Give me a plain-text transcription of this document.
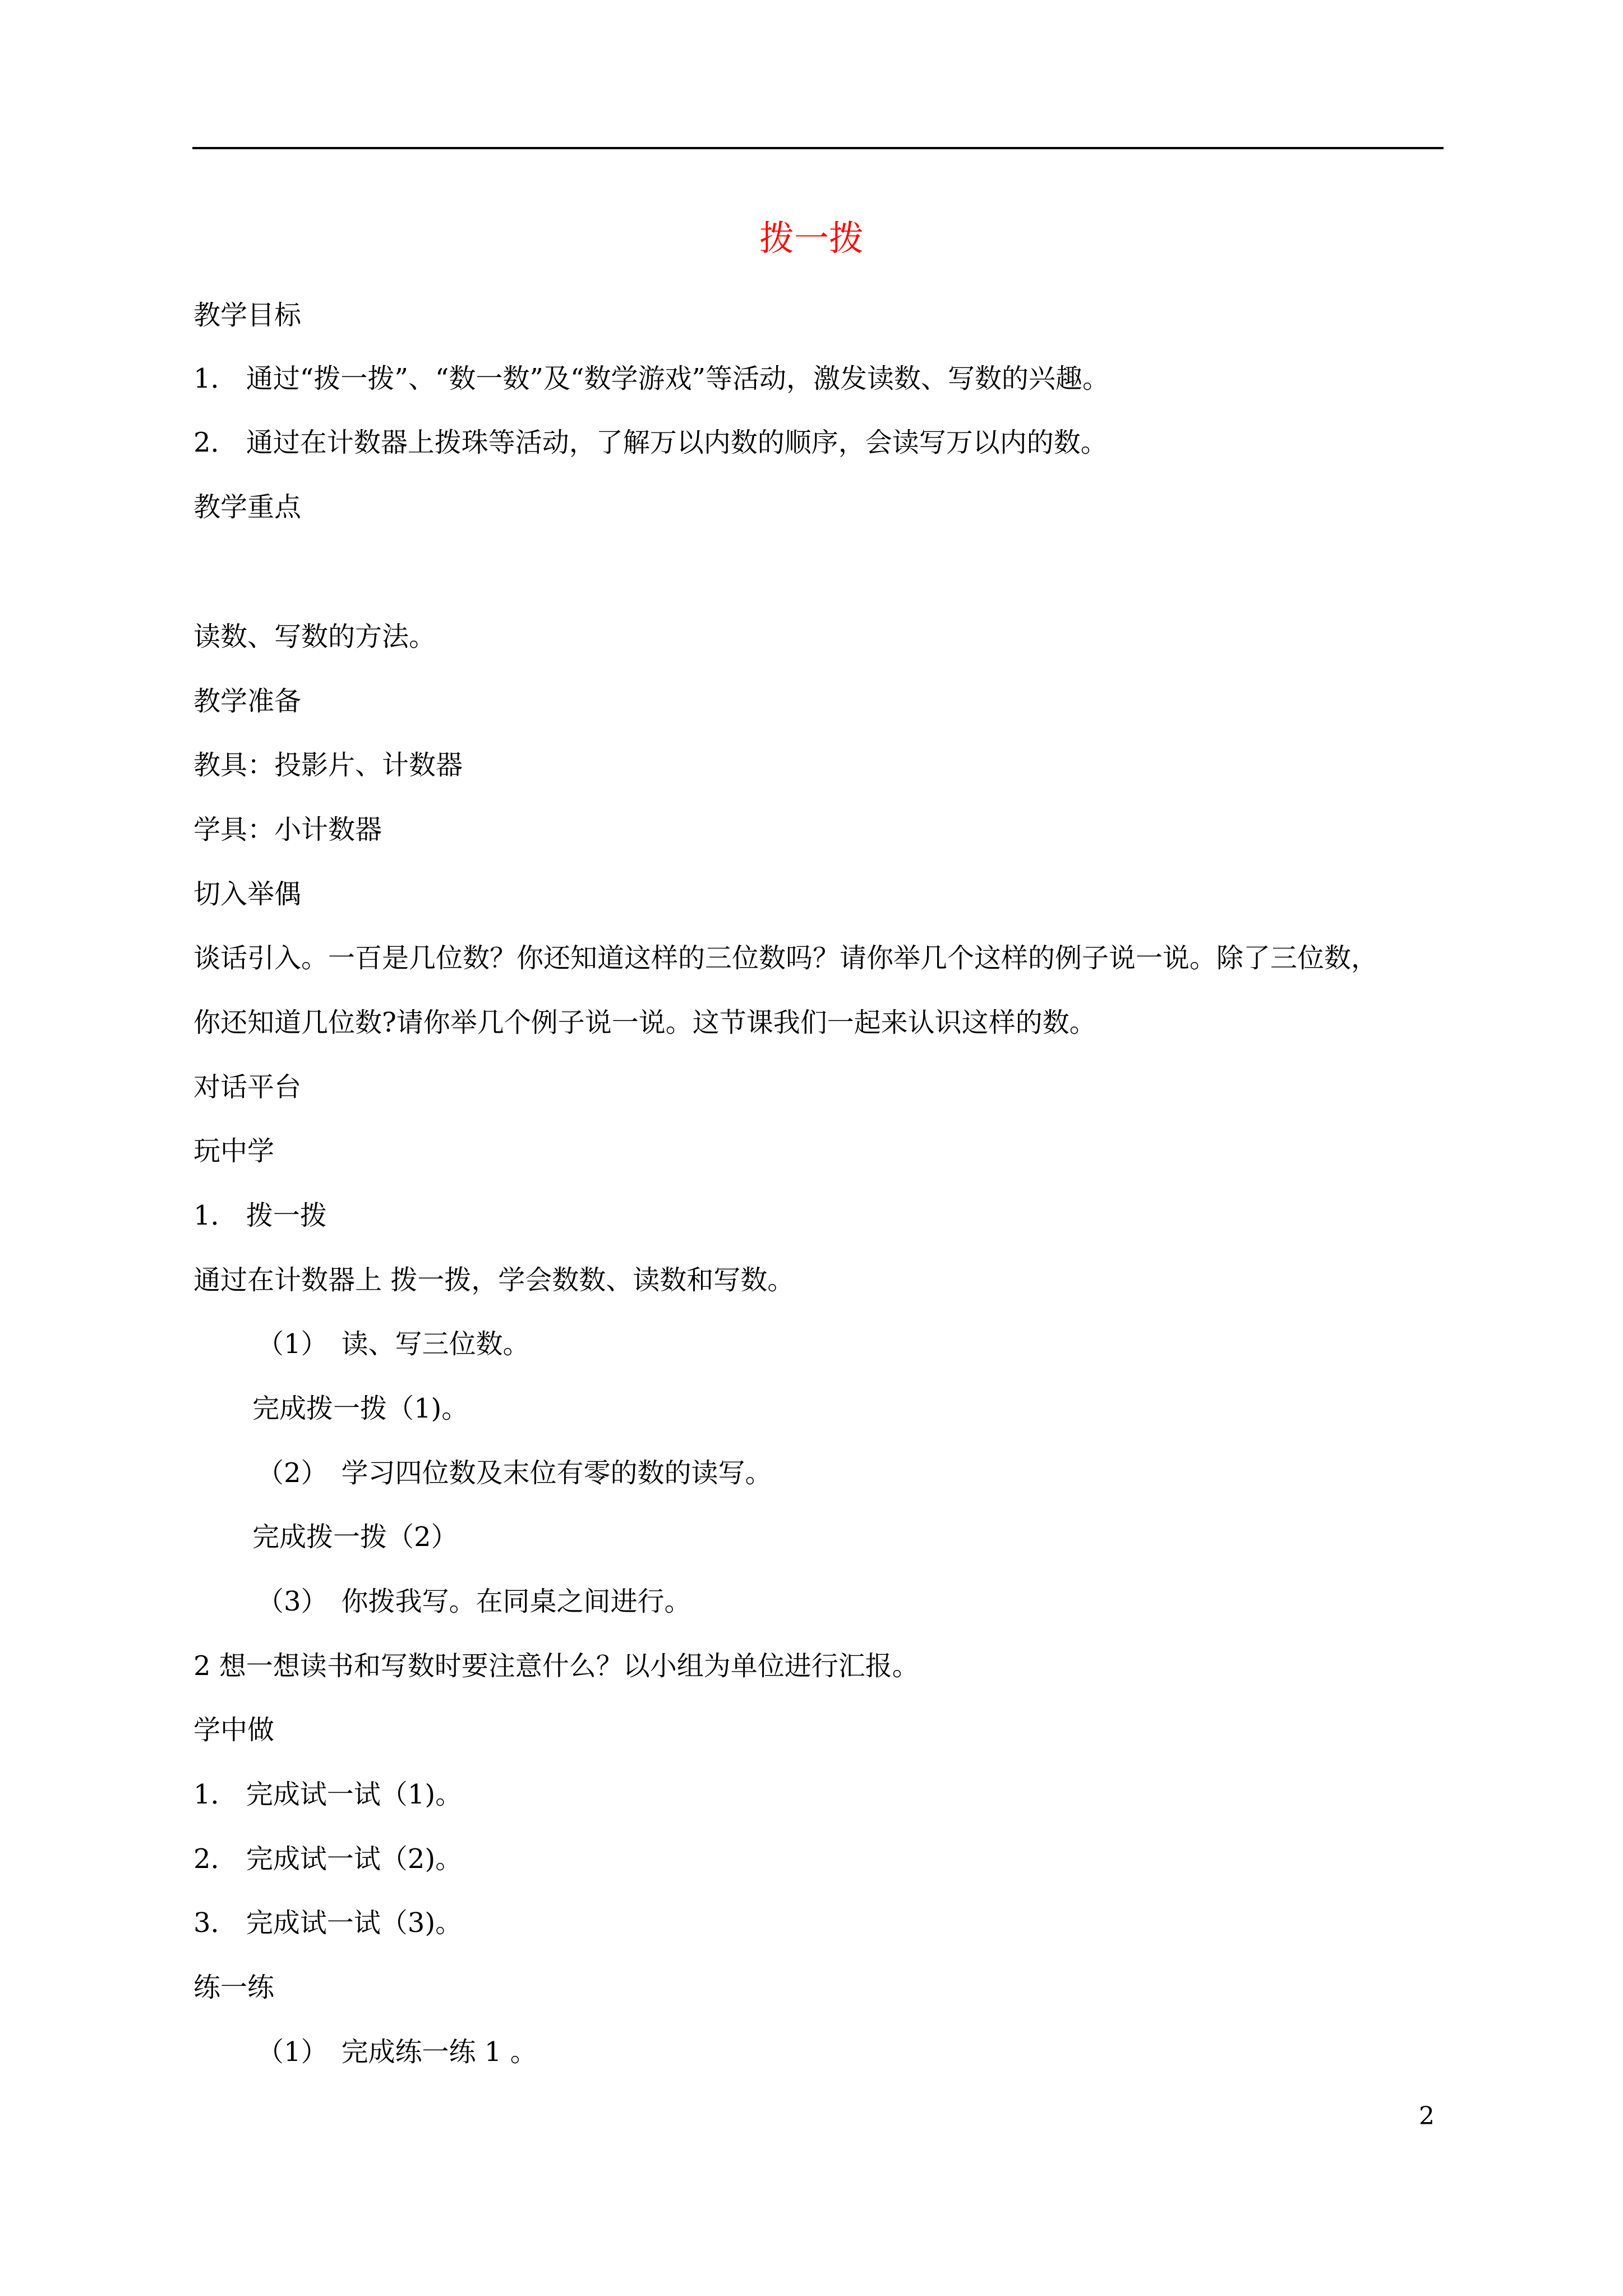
拨一拨
教学目标
1． 通过“拨一拨”、“数一数”及“数学游戏”等活动，激发读数、写数的兴趣。
2． 通过在计数器上拨珠等活动，了解万以内数的顺序，会读写万以内的数。
教学重点
读数、写数的方法。
教学准备
教具：投影片、计数器
学具：小计数器
切入举偶
谈话引入。一百是几位数？你还知道这样的三位数吗？请你举几个这样的例子说一说。除了三位数，
你还知道几位数?请你举几个例子说一说。这节课我们一起来认识这样的数。
对话平台
玩中学
1． 拨一拨
通过在计数器上 拨一拨，学会数数、读数和写数。
（1）　读、写三位数。
完成拨一拨（1)。
（2）　学习四位数及末位有零的数的读写。
完成拨一拨（2）
（3）　你拨我写。在同桌之间进行。
2 想一想读书和写数时要注意什么？以小组为单位进行汇报。
学中做
1． 完成试一试（1)。
2． 完成试一试（2)。
3． 完成试一试（3)。
练一练
（1）　完成练一练 1 。
2
